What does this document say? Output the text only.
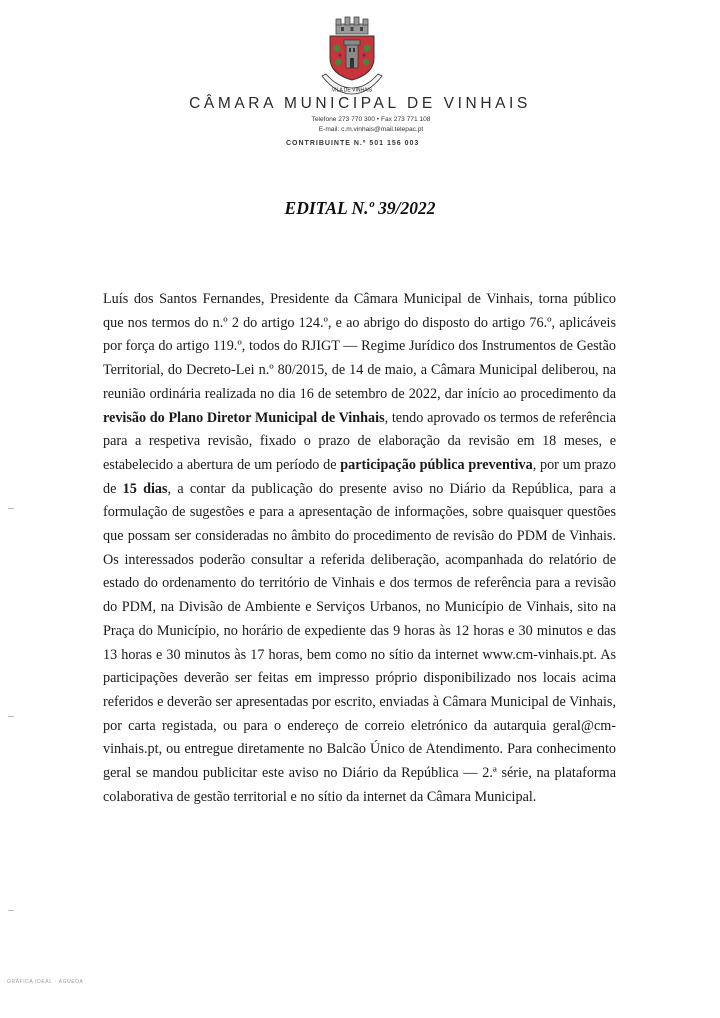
VILA DE VINHAIS
CÂMARA MUNICIPAL DE VINHAIS
Telefone 273 770 300 • Fax 273 771 108
E-mail: c.m.vinhais@mail.telepac.pt
CONTRIBUINTE N.º 501 156 003
EDITAL N.º 39/2022
Luís dos Santos Fernandes, Presidente da Câmara Municipal de Vinhais, torna público que nos termos do n.º 2 do artigo 124.º, e ao abrigo do disposto do artigo 76.º, aplicáveis por força do artigo 119.º, todos do RJIGT — Regime Jurídico dos Instrumentos de Gestão Territorial, do Decreto-Lei n.º 80/2015, de 14 de maio, a Câmara Municipal deliberou, na reunião ordinária realizada no dia 16 de setembro de 2022, dar início ao procedimento da revisão do Plano Diretor Municipal de Vinhais, tendo aprovado os termos de referência para a respetiva revisão, fixado o prazo de elaboração da revisão em 18 meses, e estabelecido a abertura de um período de participação pública preventiva, por um prazo de 15 dias, a contar da publicação do presente aviso no Diário da República, para a formulação de sugestões e para a apresentação de informações, sobre quaisquer questões que possam ser consideradas no âmbito do procedimento de revisão do PDM de Vinhais. Os interessados poderão consultar a referida deliberação, acompanhada do relatório de estado do ordenamento do território de Vinhais e dos termos de referência para a revisão do PDM, na Divisão de Ambiente e Serviços Urbanos, no Município de Vinhais, sito na Praça do Município, no horário de expediente das 9 horas às 12 horas e 30 minutos e das 13 horas e 30 minutos às 17 horas, bem como no sítio da internet www.cm-vinhais.pt. As participações deverão ser feitas em impresso próprio disponibilizado nos locais acima referidos e deverão ser apresentadas por escrito, enviadas à Câmara Municipal de Vinhais, por carta registada, ou para o endereço de correio eletrónico da autarquia geral@cm-vinhais.pt, ou entregue diretamente no Balcão Único de Atendimento. Para conhecimento geral se mandou publicitar este aviso no Diário da República — 2.ª série, na plataforma colaborativa de gestão territorial e no sítio da internet da Câmara Municipal.
GRÁFICA IDEAL · ÁGUEDA
